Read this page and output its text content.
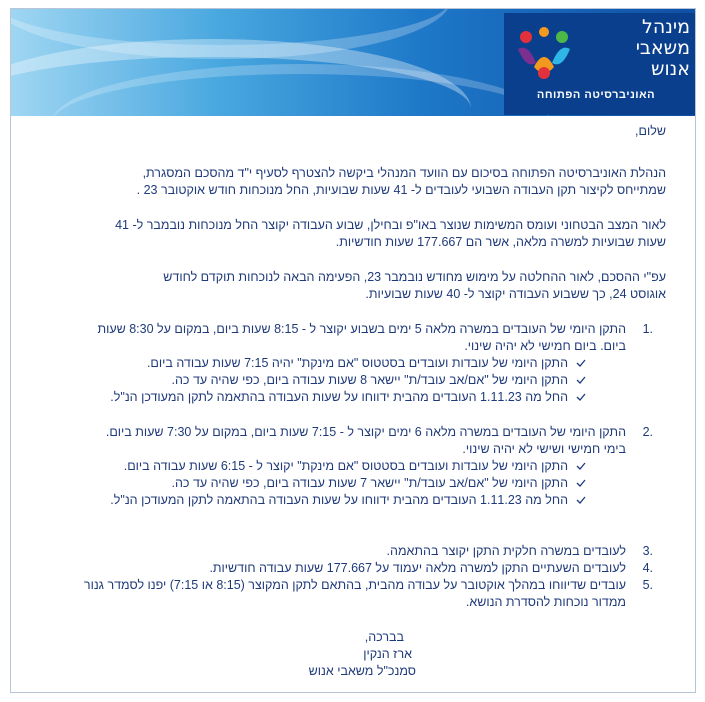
מינהל
משאבי
אנוש
האוניברסיטה הפתוחה

שלום,

הנהלת האוניברסיטה הפתוחה בסיכום עם הוועד המנהלי ביקשה להצטרף לסעיף י"ד מהסכם המסגרת,

שמתייחס לקיצור תקן העבודה השבועי לעובדים ל- 41 שעות שבועיות, החל מנוכחות חודש אוקטובר 23 .

לאור המצב הבטחוני ועומס המשימות שנוצר באו"פ ובחילן, שבוע העבודה יקוצר החל מנוכחות נובמבר ל- 41

שעות שבועיות למשרה מלאה, אשר הם 177.667 שעות חודשיות.

עפ"י ההסכם, לאור ההחלטה על מימוש מחודש נובמבר 23, הפעימה הבאה לנוכחות תוקדם לחודש

אוגוסט 24, כך ששבוע העבודה יקוצר ל- 40 שעות שבועיות.

1.

התקן היומי של העובדים במשרה מלאה 5 ימים בשבוע יקוצר ל - 8:15 שעות ביום, במקום על 8:30 שעות

ביום. ביום חמישי לא יהיה שינוי.

התקן היומי של עובדות ועובדים בסטטוס "אם מינקת" יהיה 7:15 שעות עבודה ביום.
התקן היומי של "אם/אב עובד/ת" יישאר 8 שעות עבודה ביום, כפי שהיה עד כה.
החל מה 1.11.23 העובדים מהבית ידווחו על שעות העבודה בהתאמה לתקן המעודכן הנ"ל.
2.

התקן היומי של העובדים במשרה מלאה 6 ימים יקוצר ל - 7:15 שעות ביום, במקום על 7:30 שעות ביום.

בימי חמישי ושישי לא יהיה שינוי.

התקן היומי של עובדות ועובדים בסטטוס "אם מינקת" יקוצר ל - 6:15 שעות עבודה ביום.
התקן היומי של "אם/אב עובד/ת" יישאר 7 שעות עבודה ביום, כפי שהיה עד כה.
החל מה 1.11.23 העובדים מהבית ידווחו על שעות העבודה בהתאמה לתקן המעודכן הנ"ל.
3.

לעובדים במשרה חלקית התקן יקוצר בהתאמה.

4.

לעובדים השעתיים התקן למשרה מלאה יעמוד על 177.667 שעות עבודה חודשיות.

5.

עובדים שדיווחו במהלך אוקטובר על עבודה מהבית, בהתאם לתקן המקוצר (8:15 או 7:15) יפנו לסמדר גנור

ממדור נוכחות להסדרת הנושא.

בברכה,

ארז הנקין

סמנכ"ל משאבי אנוש
